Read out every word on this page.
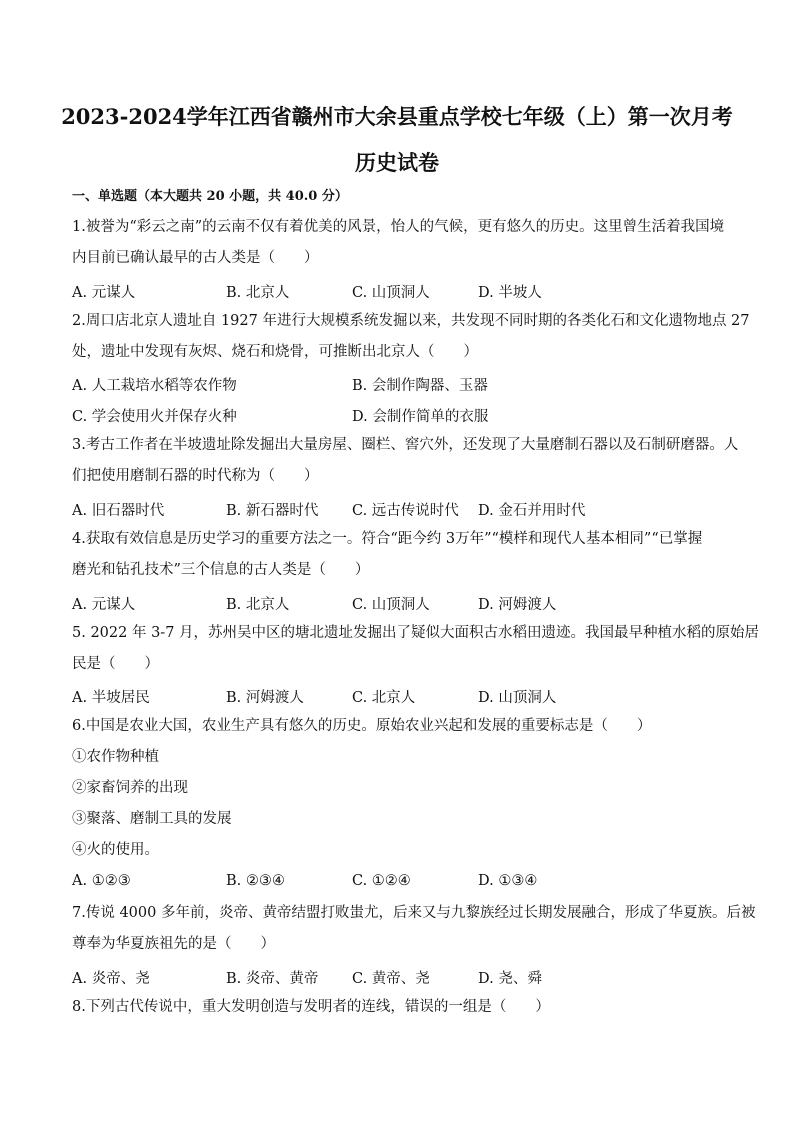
2023-2024学年江西省赣州市大余县重点学校七年级（上）第一次月考
历史试卷
一、单选题（本大题共 20 小题，共 40.0 分）
1.被誉为“彩云之南”的云南不仅有着优美的风景，怡人的气候，更有悠久的历史。这里曾生活着我国境
内目前已确认最早的古人类是（　　）
A. 元谋人	B. 北京人	C. 山顶洞人	D. 半坡人
2.周口店北京人遗址自 1927 年进行大规模系统发掘以来，共发现不同时期的各类化石和文化遗物地点 27
处，遗址中发现有灰烬、烧石和烧骨，可推断出北京人（　　）
A. 人工栽培水稻等农作物	B. 会制作陶器、玉器
C. 学会使用火并保存火种	D. 会制作简单的衣服
3.考古工作者在半坡遗址除发掘出大量房屋、圈栏、窖穴外，还发现了大量磨制石器以及石制研磨器。人
们把使用磨制石器的时代称为（　　）
A. 旧石器时代	B. 新石器时代 C. 远古传说时代 D. 金石并用时代
4.获取有效信息是历史学习的重要方法之一。符合“距今约 3万年”“模样和现代人基本相同”“已掌握
磨光和钻孔技术”三个信息的古人类是（　　）
A. 元谋人	B. 北京人	C. 山顶洞人	D. 河姆渡人
5. 2022 年 3-7 月，苏州吴中区的塘北遗址发掘出了疑似大面积古水稻田遗迹。我国最早种植水稻的原始居
民是（　　）
A. 半坡居民	B. 河姆渡人	C. 北京人	D. 山顶洞人
6.中国是农业大国，农业生产具有悠久的历史。原始农业兴起和发展的重要标志是（　　）
①农作物种植
②家畜饲养的出现
③聚落、磨制工具的发展
④火的使用。
A. ①②③	B. ②③④	C. ①②④	D. ①③④
7.传说 4000 多年前，炎帝、黄帝结盟打败蚩尤，后来又与九黎族经过长期发展融合，形成了华夏族。后被
尊奉为华夏族祖先的是（　　）
A. 炎帝、尧	B. 炎帝、黄帝 C. 黄帝、尧	D. 尧、舜
8.下列古代传说中，重大发明创造与发明者的连线，错误的一组是（　　）
